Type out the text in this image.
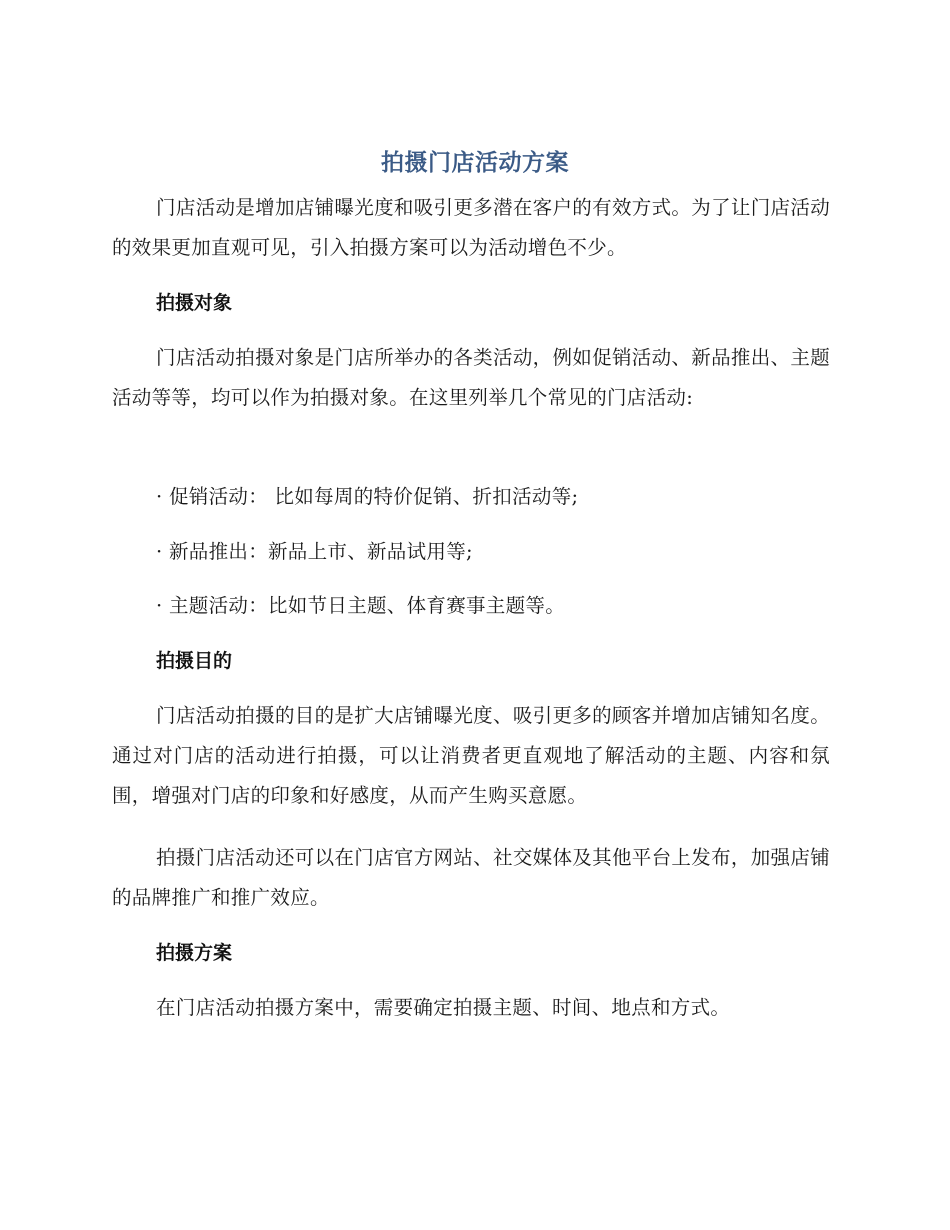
拍摄门店活动方案
门店活动是增加店铺曝光度和吸引更多潜在客户的有效方式。为了让门店活动的效果更加直观可见，引入拍摄方案可以为活动增色不少。
拍摄对象
门店活动拍摄对象是门店所举办的各类活动，例如促销活动、新品推出、主题活动等等，均可以作为拍摄对象。在这里列举几个常见的门店活动:
· 促销活动： 比如每周的特价促销、折扣活动等;
· 新品推出：新品上市、新品试用等;
· 主题活动：比如节日主题、体育赛事主题等。
拍摄目的
门店活动拍摄的目的是扩大店铺曝光度、吸引更多的顾客并增加店铺知名度。通过对门店的活动进行拍摄，可以让消费者更直观地了解活动的主题、内容和氛围，增强对门店的印象和好感度，从而产生购买意愿。
拍摄门店活动还可以在门店官方网站、社交媒体及其他平台上发布，加强店铺的品牌推广和推广效应。
拍摄方案
在门店活动拍摄方案中，需要确定拍摄主题、时间、地点和方式。
